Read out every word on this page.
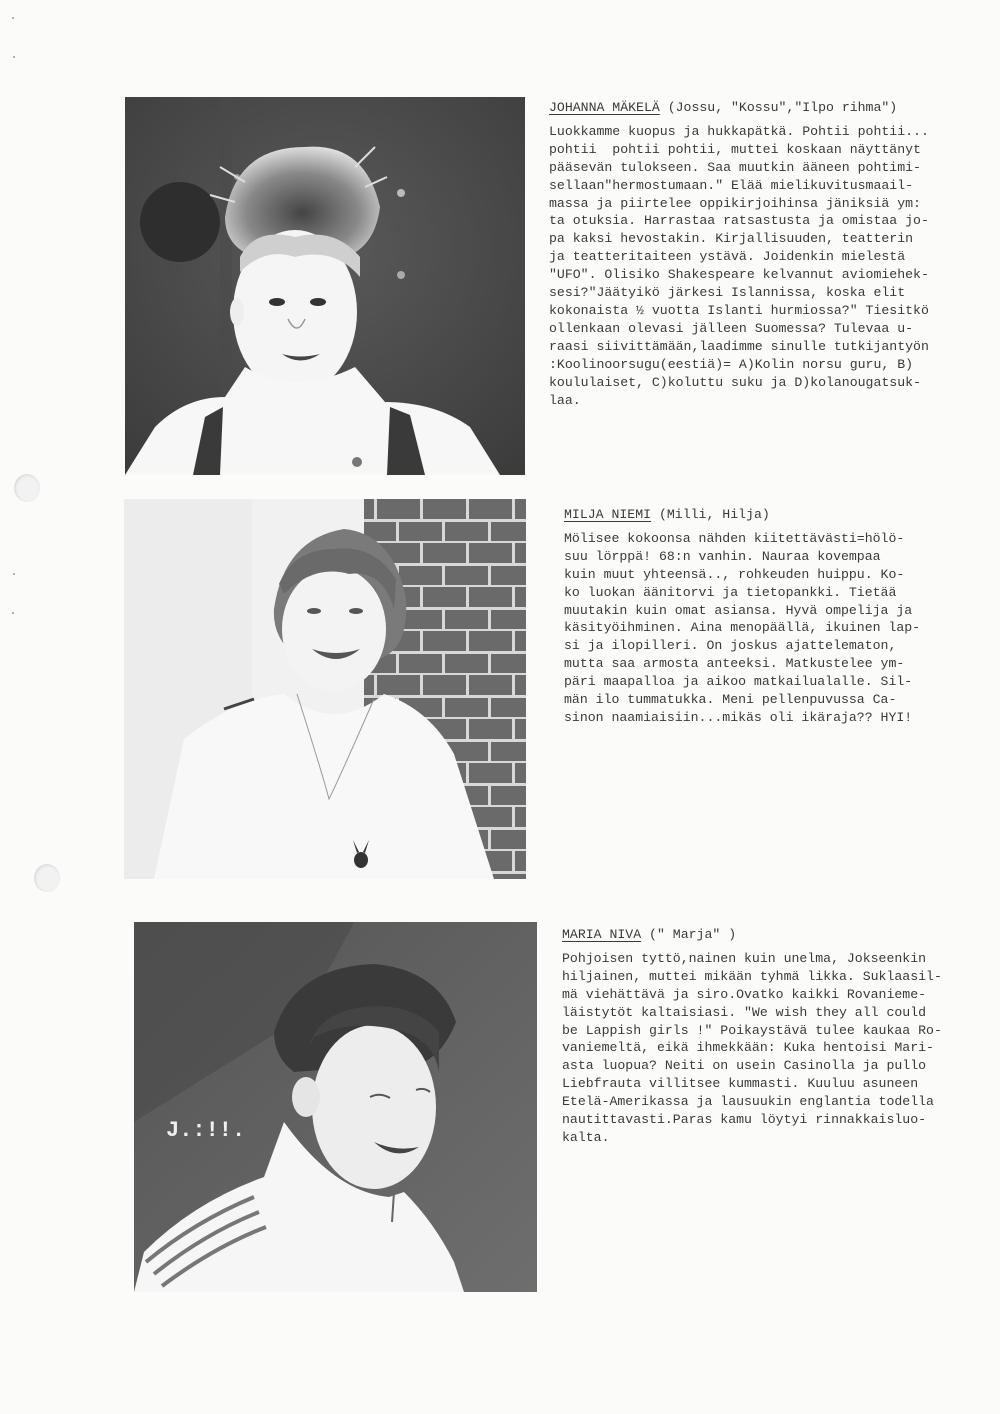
JOHANNA MÄKELÄ (Jossu, "Kossu","Ilpo rihma")
Luokkamme kuopus ja hukkapätkä. Pohtii pohtii...
pohtii  pohtii pohtii, muttei koskaan näyttänyt
pääsevän tulokseen. Saa muutkin ääneen pohtimi-
sellaan"hermostumaan." Elää mielikuvitusmaail-
massa ja piirtelee oppikirjoihinsa jäniksiä ym:
ta otuksia. Harrastaa ratsastusta ja omistaa jo-
pa kaksi hevostakin. Kirjallisuuden, teatterin
ja teatteritaiteen ystävä. Joidenkin mielestä
"UFO". Olisiko Shakespeare kelvannut aviomiehek-
sesi?"Jäätyikö järkesi Islannissa, koska elit
kokonaista ½ vuotta Islanti hurmiossa?" Tiesitkö
ollenkaan olevasi jälleen Suomessa? Tulevaa u-
raasi siivittämään,laadimme sinulle tutkijantyön
:Koolinoorsugu(eestiä)= A)Kolin norsu guru, B)
koululaiset, C)koluttu suku ja D)kolanougatsuk-
laa.
MILJA NIEMI (Milli, Hilja)
Mölisee kokoonsa nähden kiitettävästi=hölö-
suu lörppä! 68:n vanhin. Nauraa kovempaa
kuin muut yhteensä.., rohkeuden huippu. Ko-
ko luokan äänitorvi ja tietopankki. Tietää
muutakin kuin omat asiansa. Hyvä ompelija ja
käsityöihminen. Aina menopäällä, ikuinen lap-
si ja ilopilleri. On joskus ajattelematon,
mutta saa armosta anteeksi. Matkustelee ym-
päri maapalloa ja aikoo matkailualalle. Sil-
män ilo tummatukka. Meni pellenpuvussa Ca-
sinon naamiaisiin...mikäs oli ikäraja?? HYI!
J.:!!.
MARIA NIVA (" Marja" )
Pohjoisen tyttö,nainen kuin unelma, Jokseenkin
hiljainen, muttei mikään tyhmä likka. Suklaasil-
mä viehättävä ja siro.Ovatko kaikki Rovanieme-
läistytöt kaltaisiasi. "We wish they all could
be Lappish girls !" Poikaystävä tulee kaukaa Ro-
vaniemeltä, eikä ihmekkään: Kuka hentoisi Mari-
asta luopua? Neiti on usein Casinolla ja pullo
Liebfrauta villitsee kummasti. Kuuluu asuneen
Etelä-Amerikassa ja lausuukin englantia todella
nautittavasti.Paras kamu löytyi rinnakkaisluo-
kalta.
